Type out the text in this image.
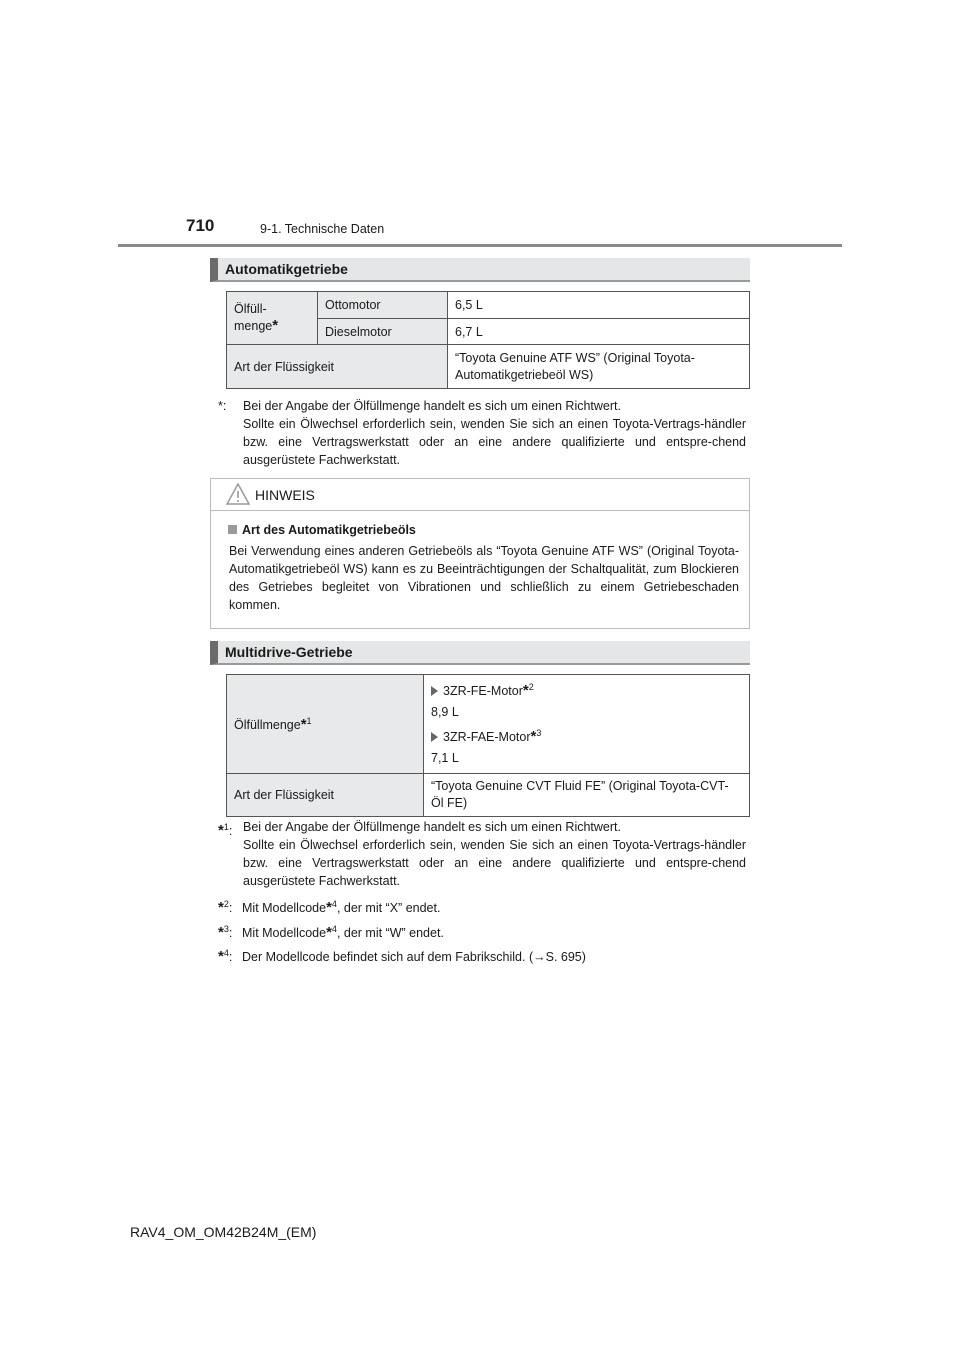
710	9-1. Technische Daten
Automatikgetriebe
Ölfüll-
menge*	Ottomotor	6,5 L
	Dieselmotor	6,7 L
Art der Flüssigkeit		“Toyota Genuine ATF WS” (Original Toyota-
Automatikgetriebeöl WS)
*: Bei der Angabe der Ölfüllmenge handelt es sich um einen Richtwert.
Sollte ein Ölwechsel erforderlich sein, wenden Sie sich an einen Toyota-Vertrags-händler bzw. eine Vertragswerkstatt oder an eine andere qualifizierte und entspre-chend ausgerüstete Fachwerkstatt.
HINWEIS
Art des Automatikgetriebeöls
Bei Verwendung eines anderen Getriebeöls als “Toyota Genuine ATF WS” (Original Toyota-Automatikgetriebeöl WS) kann es zu Beeinträchtigungen der Schaltqualität, zum Blockieren des Getriebes begleitet von Vibrationen und schließlich zu einem Getriebeschaden kommen.
Multidrive-Getriebe
Ölfüllmenge*$^1$	3ZR-FE-Motor*$^2$
8,9 L
3ZR-FAE-Motor*$^3$
7,1 L

Art der Flüssigkeit	“Toyota Genuine CVT Fluid FE” (Original Toyota-CVT-
Öl FE)
*$^1$: Bei der Angabe der Ölfüllmenge handelt es sich um einen Richtwert.
Sollte ein Ölwechsel erforderlich sein, wenden Sie sich an einen Toyota-Vertrags-händler bzw. eine Vertragswerkstatt oder an eine andere qualifizierte und entspre-chend ausgerüstete Fachwerkstatt.
*$^2$: Mit Modellcode*$^4$, der mit “X” endet.
*$^3$: Mit Modellcode*$^4$, der mit “W” endet.
*$^4$: Der Modellcode befindet sich auf dem Fabrikschild. (→S. 695)
RAV4_OM_OM42B24M_(EM)
